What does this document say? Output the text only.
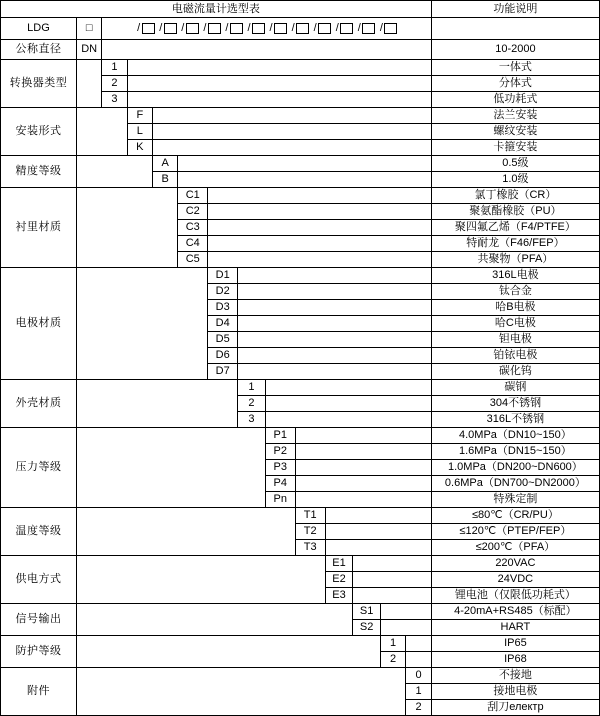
电磁流量计选型表														功能说明
LDG	□	/ / / / / / / / / / / /												
公称直径	DN													10-2000
转换器类型		1												一体式
		2												分体式
		3												低功耗式
安装形式			F											法兰安装
			L											螺纹安装
			K											卡箍安装
精度等级				A										0.5级
				B										1.0级
衬里材质					C1									氯丁橡胶（CR）
					C2									聚氨酯橡胶（PU）
					C3									聚四氟乙烯（F4/PTFE）
					C4									特耐龙（F46/FEP）
					C5									共聚物（PFA）
电极材质						D1								316L电极
						D2								钛合金
						D3								哈B电极
						D4								哈C电极
						D5								钽电极
						D6								铂铱电极
						D7								碳化钨
外壳材质							1							碳钢
							2							304不锈钢
							3							316L不锈钢
压力等级								P1						4.0MPa（DN10~150）
								P2						1.6MPa（DN15~150）
								P3						1.0MPa（DN200~DN600）
								P4						0.6MPa（DN700~DN2000）
								Pn						特殊定制
温度等级									T1					≤80℃（CR/PU）
									T2					≤120℃（PTEP/FEP）
									T3					≤200℃（PFA）
供电方式										E1				220VAC
										E2				24VDC
										E3				锂电池（仅限低功耗式）
信号输出											S1			4-20mA+RS485（标配）
											S2			HART
防护等级												1		IP65
												2		IP68
附件													0	不接地
													1	接地电极
													2	刮刀електр
